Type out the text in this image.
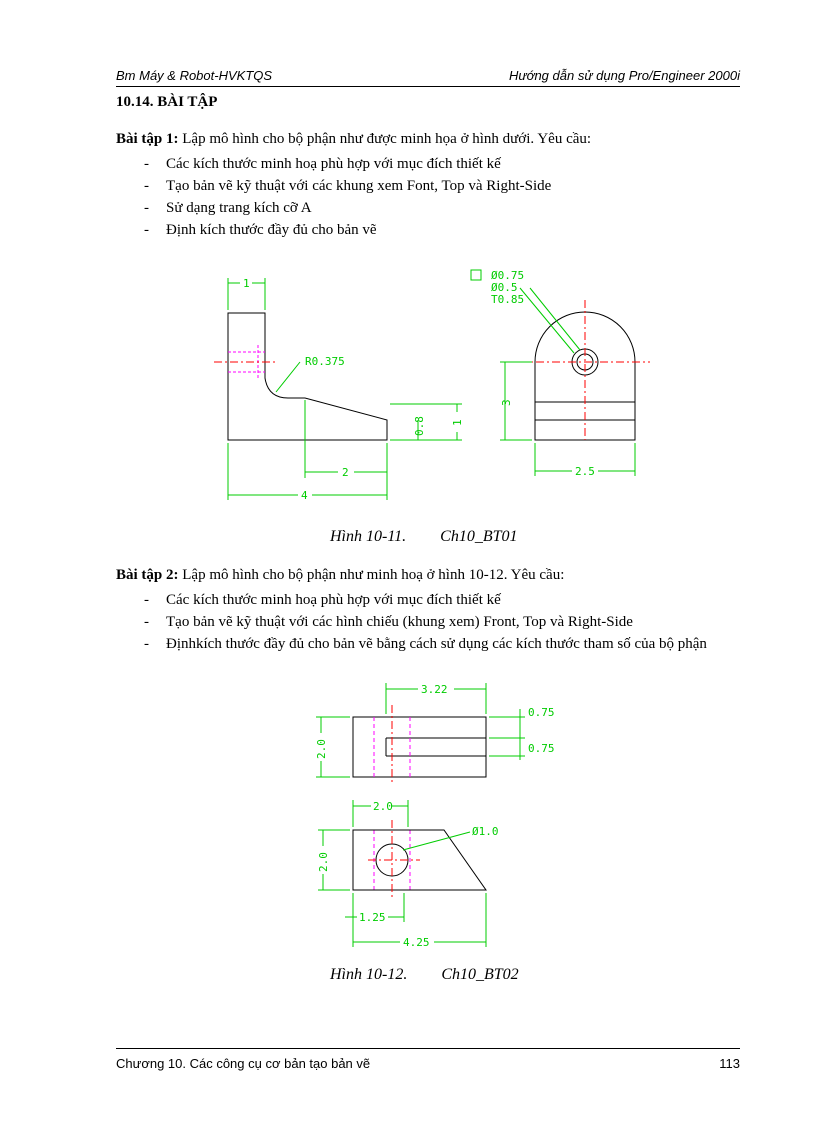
Bm Máy & Robot-HVKTQS	Hướng dẫn sử dụng Pro/Engineer 2000i
10.14. BÀI TẬP
Bài tập 1: Lập mô hình cho bộ phận như được minh họa ở hình dưới. Yêu cầu:
- Các kích thước minh hoạ phù hợp với mục đích thiết kế
- Tạo bản vẽ kỹ thuật với các khung xem Font, Top và Right-Side
- Sử dạng trang kích cỡ A
- Định kích thước đầy đủ cho bản vẽ
1
R0.375
0.8 1
2
4
Ø0.75
Ø0.5
T0.85
3
2.5
Hình 10-11. Ch10_BT01
Bài tập 2: Lập mô hình cho bộ phận như minh hoạ ở hình 10-12. Yêu cầu:
- Các kích thước minh hoạ phù hợp với mục đích thiết kế
- Tạo bản vẽ kỹ thuật với các hình chiếu (khung xem) Front, Top và Right-Side
- Địnhkích thước đầy đủ cho bản vẽ bằng cách sử dụng các kích thước tham số của bộ phận
3.22
0.75
0.75
2.0
2.0
2.0
Ø1.0
1.25
4.25
Hình 10-12. Ch10_BT02
Chương 10. Các công cụ cơ bản tạo bản vẽ	113
